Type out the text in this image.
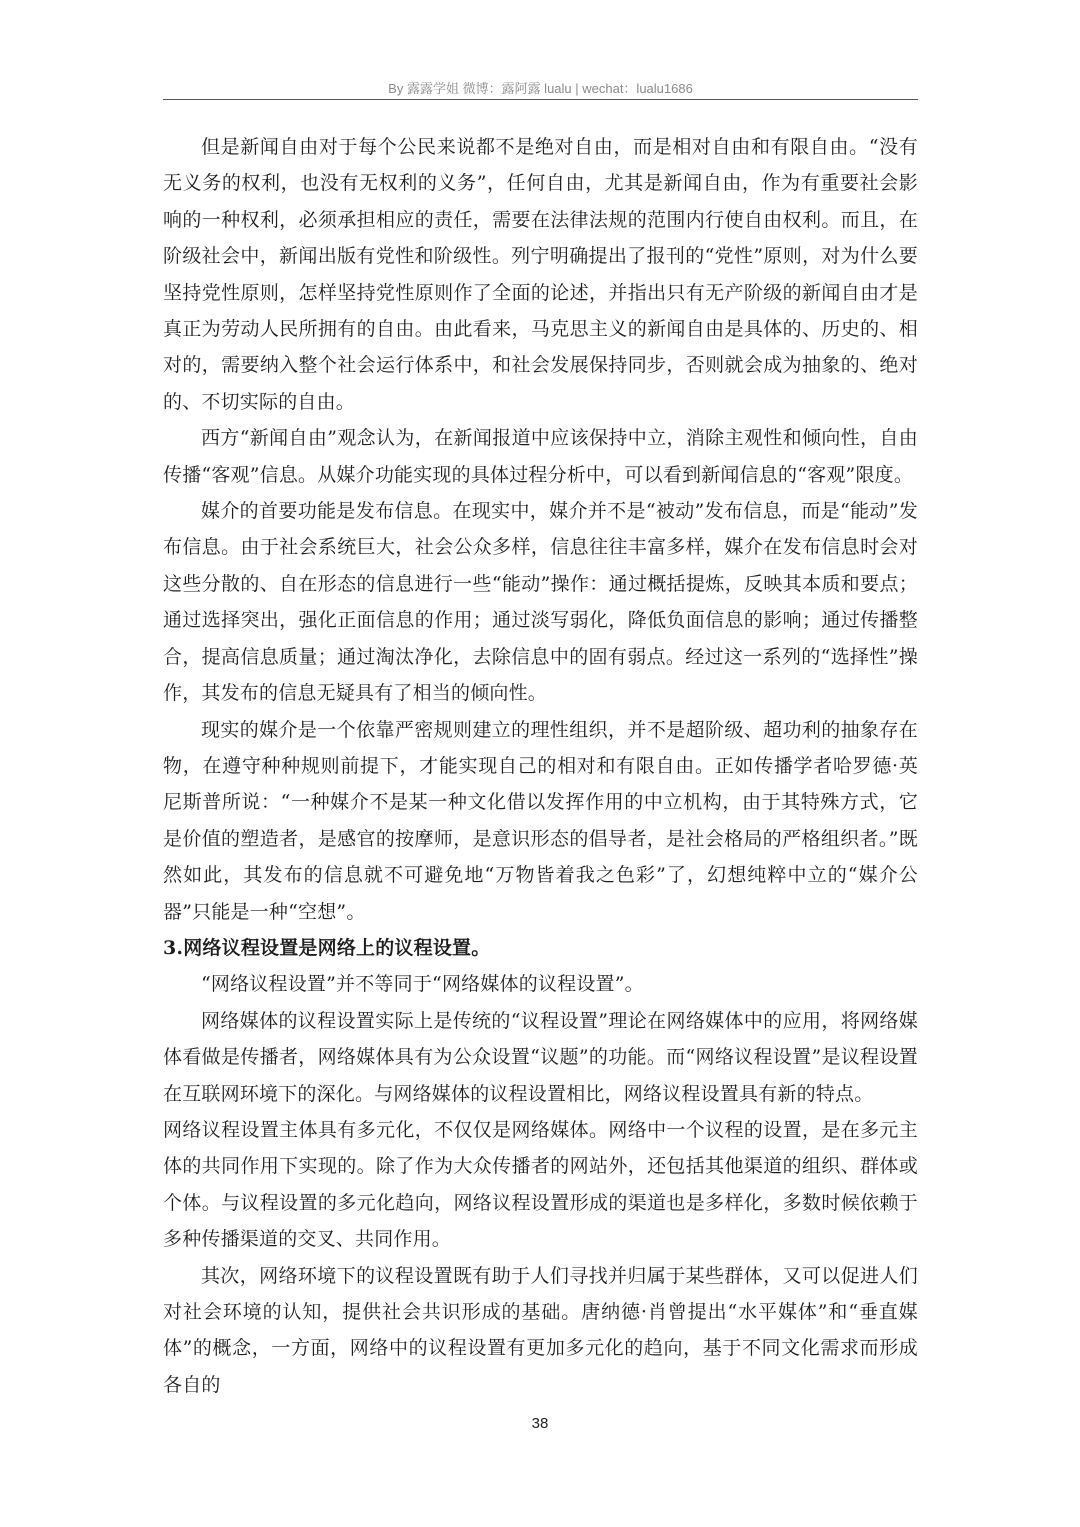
By 露露学姐 微博：露阿露 lualu | wechat：lualu1686

但是新闻自由对于每个公民来说都不是绝对自由，而是相对自由和有限自由。“没有无义务的权利，也没有无权利的义务”，任何自由，尤其是新闻自由，作为有重要社会影响的一种权利，必须承担相应的责任，需要在法律法规的范围内行使自由权利。而且，在阶级社会中，新闻出版有党性和阶级性。列宁明确提出了报刊的“党性”原则，对为什么要坚持党性原则，怎样坚持党性原则作了全面的论述，并指出只有无产阶级的新闻自由才是真正为劳动人民所拥有的自由。由此看来，马克思主义的新闻自由是具体的、历史的、相对的，需要纳入整个社会运行体系中，和社会发展保持同步，否则就会成为抽象的、绝对的、不切实际的自由。

西方“新闻自由”观念认为，在新闻报道中应该保持中立，消除主观性和倾向性，自由传播“客观”信息。从媒介功能实现的具体过程分析中，可以看到新闻信息的“客观”限度。

媒介的首要功能是发布信息。在现实中，媒介并不是“被动”发布信息，而是“能动”发布信息。由于社会系统巨大，社会公众多样，信息往往丰富多样，媒介在发布信息时会对这些分散的、自在形态的信息进行一些“能动”操作：通过概括提炼，反映其本质和要点；通过选择突出，强化正面信息的作用；通过淡写弱化，降低负面信息的影响；通过传播整合，提高信息质量；通过淘汰净化，去除信息中的固有弱点。经过这一系列的“选择性”操作，其发布的信息无疑具有了相当的倾向性。

现实的媒介是一个依靠严密规则建立的理性组织，并不是超阶级、超功利的抽象存在物，在遵守种种规则前提下，才能实现自己的相对和有限自由。正如传播学者哈罗德·英尼斯普所说：“一种媒介不是某一种文化借以发挥作用的中立机构，由于其特殊方式，它是价值的塑造者，是感官的按摩师，是意识形态的倡导者，是社会格局的严格组织者。”既然如此，其发布的信息就不可避免地“万物皆着我之色彩”了，幻想纯粹中立的“媒介公器”只能是一种“空想”。

3.网络议程设置是网络上的议程设置。

“网络议程设置”并不等同于“网络媒体的议程设置”。

网络媒体的议程设置实际上是传统的“议程设置”理论在网络媒体中的应用，将网络媒体看做是传播者，网络媒体具有为公众设置“议题”的功能。而“网络议程设置”是议程设置在互联网环境下的深化。与网络媒体的议程设置相比，网络议程设置具有新的特点。

网络议程设置主体具有多元化，不仅仅是网络媒体。网络中一个议程的设置，是在多元主体的共同作用下实现的。除了作为大众传播者的网站外，还包括其他渠道的组织、群体或个体。与议程设置的多元化趋向，网络议程设置形成的渠道也是多样化，多数时候依赖于多种传播渠道的交叉、共同作用。

其次，网络环境下的议程设置既有助于人们寻找并归属于某些群体，又可以促进人们对社会环境的认知，提供社会共识形成的基础。唐纳德·肖曾提出“水平媒体”和“垂直媒体”的概念，一方面，网络中的议程设置有更加多元化的趋向，基于不同文化需求而形成各自的

38
